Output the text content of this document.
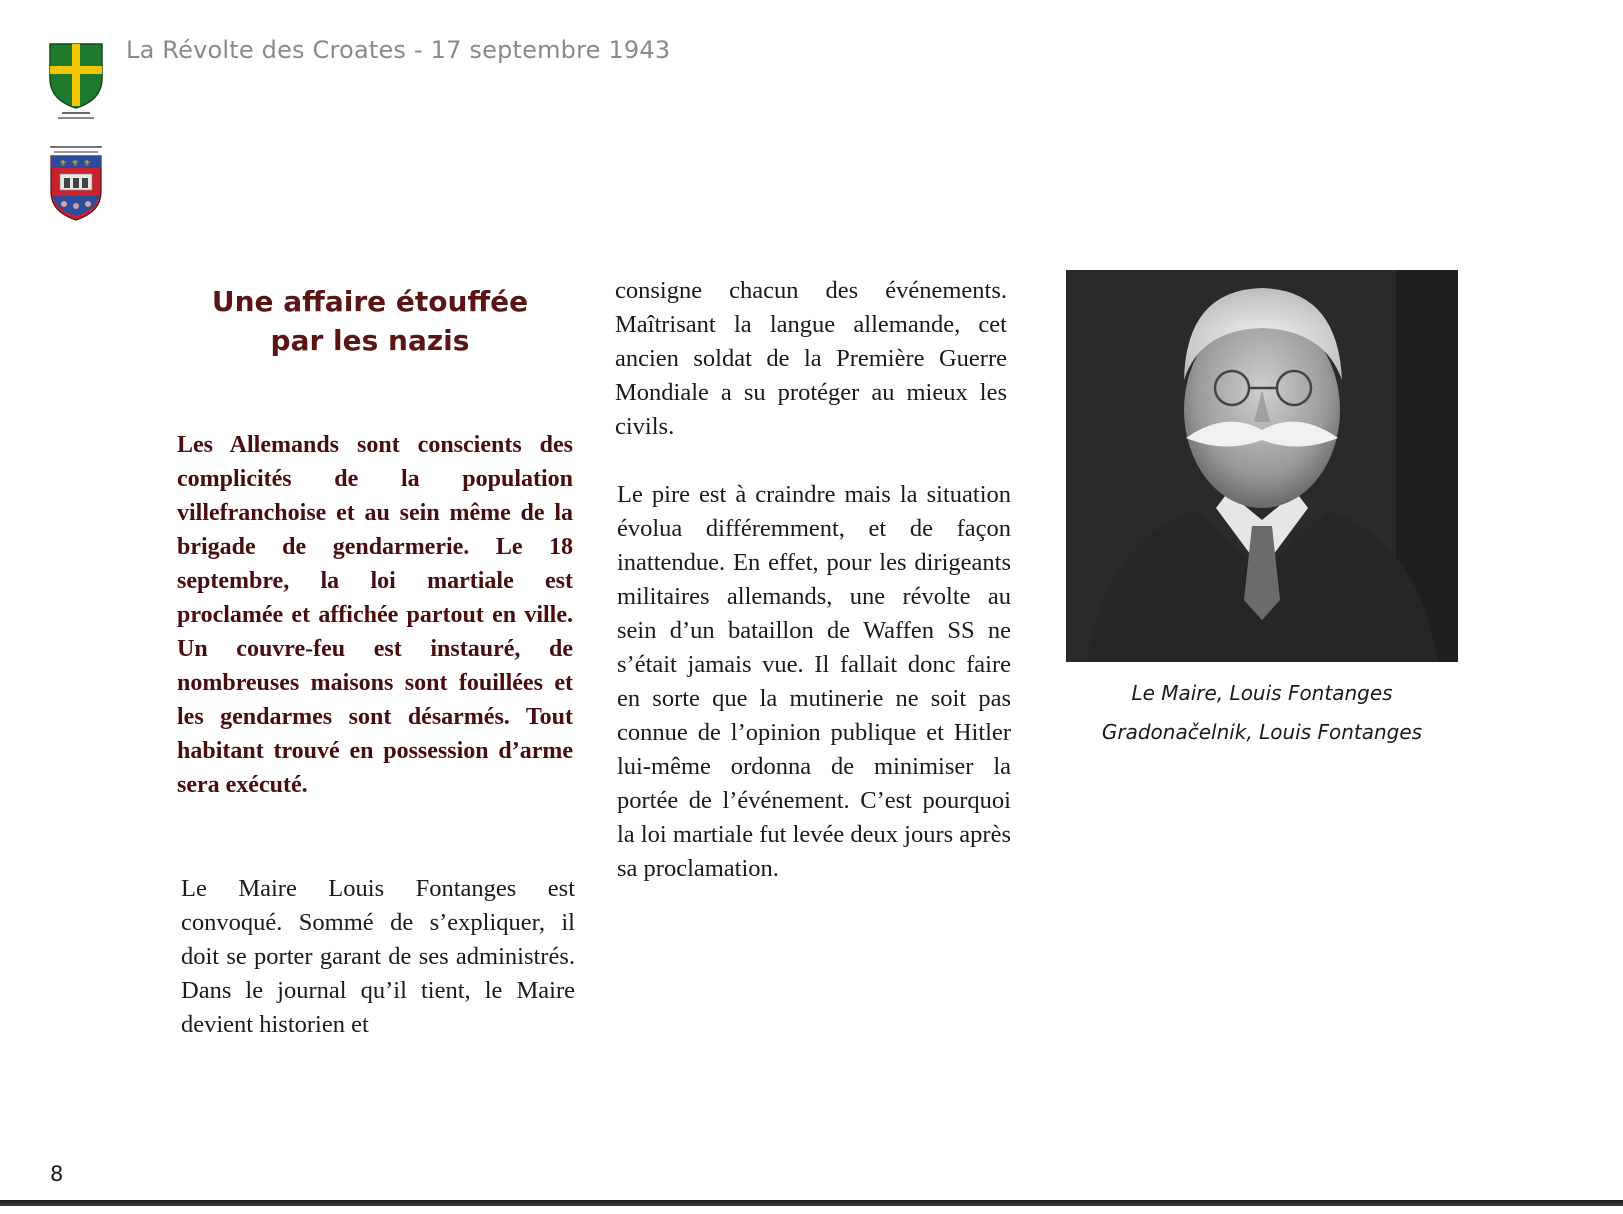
La Révolte des Croates - 17 septembre 1943
⚜ ⚜ ⚜
Une affaire étouffée
par les nazis

Les Allemands sont conscients des complicités de la population villefranchoise et au sein même de la brigade de gendarmerie. Le 18 septembre, la loi martiale est proclamée et affichée partout en ville. Un couvre-feu est instauré, de nombreuses maisons sont fouillées et les gendarmes sont désarmés. Tout habitant trouvé en possession d’arme sera exécuté.

Le Maire Louis Fontanges est convoqué. Sommé de s’expliquer, il doit se porter garant de ses administrés. Dans le journal qu’il tient, le Maire devient historien et

consigne chacun des événements. Maîtrisant la langue allemande, cet ancien soldat de la Première Guerre Mondiale a su protéger au mieux les civils.

Le pire est à craindre mais la situation évolua différemment, et de façon inattendue. En effet, pour les dirigeants militaires allemands, une révolte au sein d’un bataillon de Waffen SS ne s’était jamais vue. Il fallait donc faire en sorte que la mutinerie ne soit pas connue de l’opinion publique et Hitler lui-même ordonna de minimiser la portée de l’événement. C’est pourquoi la loi martiale fut levée deux jours après sa proclamation.

Le Maire, Louis Fontanges
Gradonačelnik, Louis Fontanges
8
